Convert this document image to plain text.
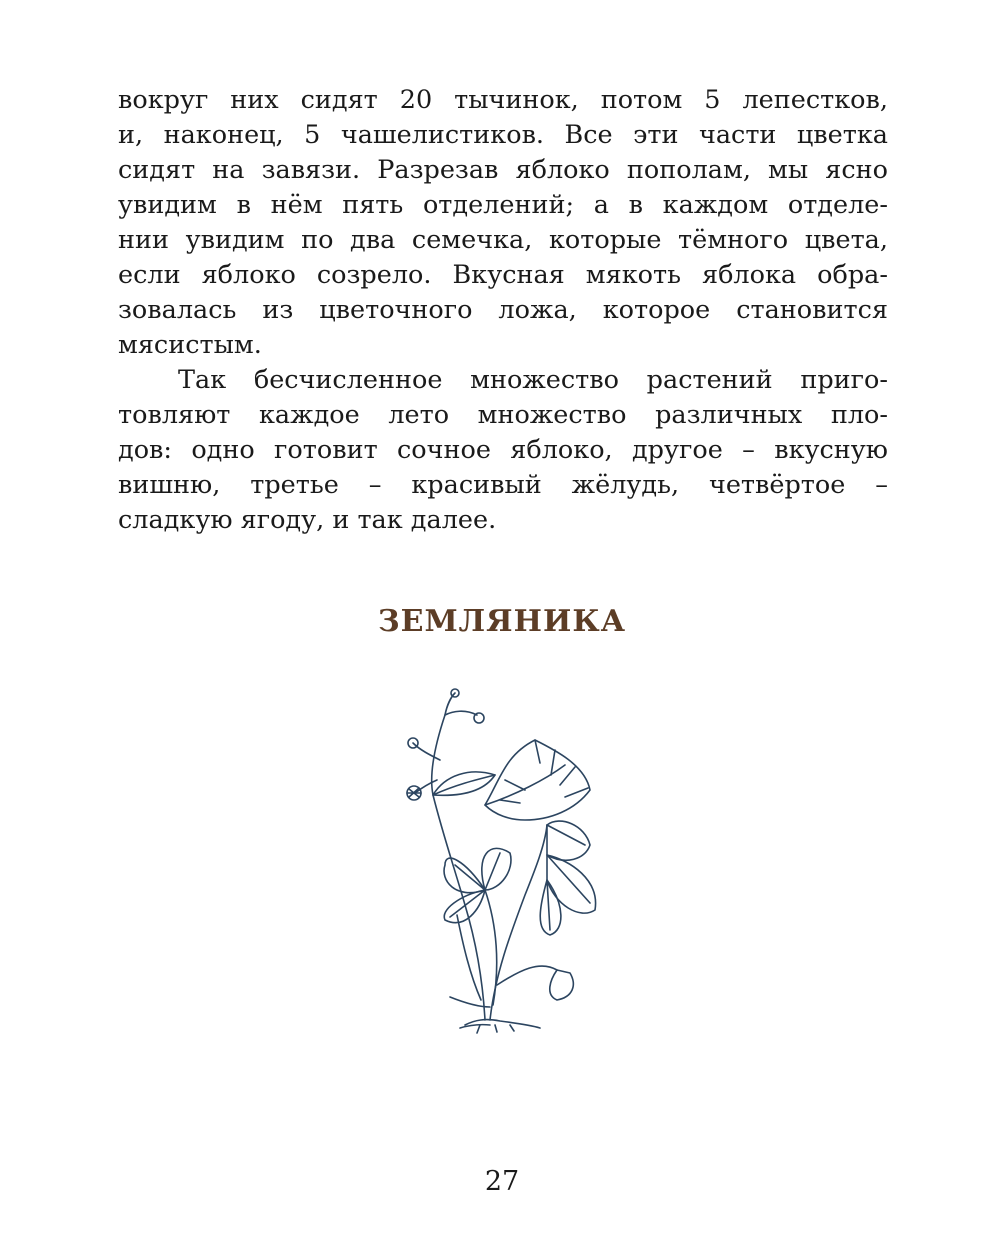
вокруг них сидят 20 тычинок, потом 5 лепестков,
и, наконец, 5 чашелистиков. Все эти части цветка
сидят на завязи. Разрезав яблоко пополам, мы ясно
увидим в нём пять отделений; а в каждом отделе-
нии увидим по два семечка, которые тёмного цвета,
если яблоко созрело. Вкусная мякоть яблока обра-
зовалась из цветочного ложа, которое становится
мясистым.
Так бесчисленное множество растений приго-
товляют каждое лето множество различных пло-
дов: одно готовит сочное яблоко, другое – вкусную
вишню, третье – красивый жёлудь, четвёртое –
сладкую ягоду, и так далее.
ЗЕМЛЯНИКА
27
